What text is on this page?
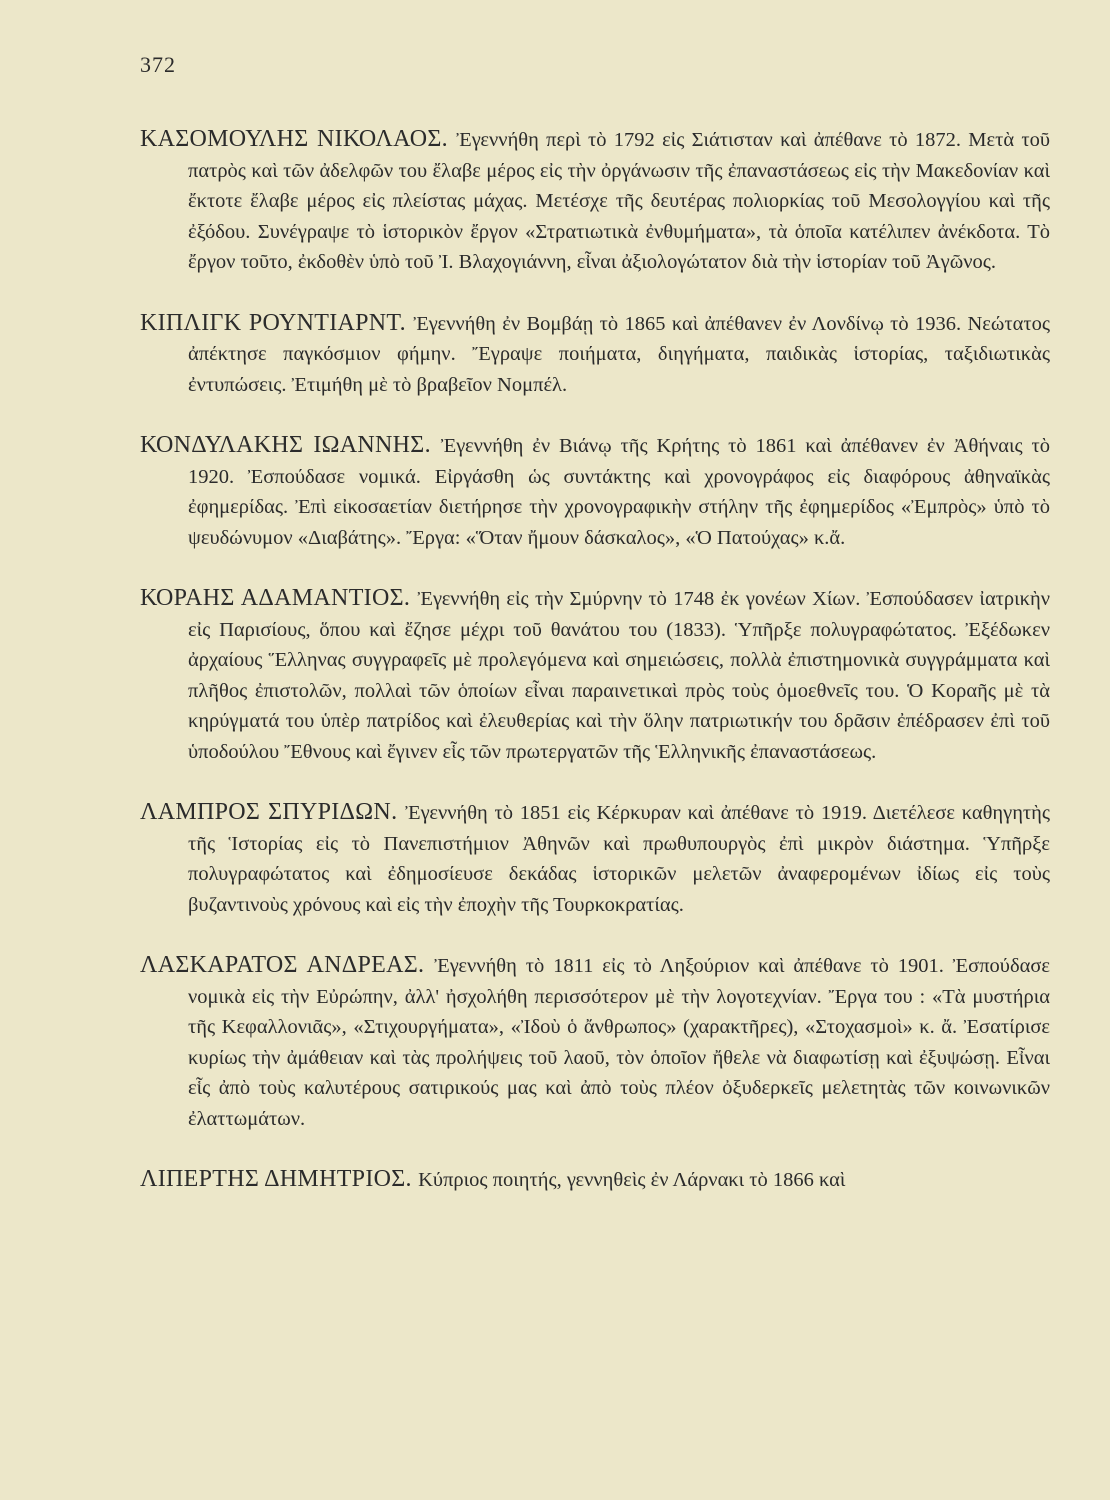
372

ΚΑΣΟΜΟΥΛΗΣ ΝΙΚΟΛΑΟΣ . Ἐγεννήθη περὶ τὸ 1792 εἰς Σιάτισταν καὶ ἀπέθανε τὸ 1872. Μετὰ τοῦ πατρὸς καὶ τῶν ἀδελφῶν του ἔλαβε μέρος εἰς τὴν ὀργάνωσιν τῆς ἐπαναστάσεως εἰς τὴν Μακεδονίαν καὶ ἔκτοτε ἔλαβε μέρος εἰς πλείστας μάχας. Μετέσχε τῆς δευτέρας πολιορκίας τοῦ Μεσολογγίου καὶ τῆς ἐξόδου. Συνέγραψε τὸ ἱστορικὸν ἔργον «Στρατιωτικὰ ἐνθυμήματα», τὰ ὁποῖα κατέλιπεν ἀνέκδοτα. Τὸ ἔργον τοῦτο, ἐκδοθὲν ὑπὸ τοῦ Ἰ. Βλαχογιάννη, εἶναι ἀξιολογώτατον διὰ τὴν ἱστορίαν τοῦ Ἀγῶνος.

ΚΙΠΛΙΓΚ ΡΟΥΝΤΙΑΡΝΤ . Ἐγεννήθη ἐν Βομβάῃ τὸ 1865 καὶ ἀπέθανεν ἐν Λονδίνῳ τὸ 1936. Νεώτατος ἀπέκτησε παγκόσμιον φήμην. Ἔγραψε ποιήματα, διηγήματα, παιδικὰς ἱστορίας, ταξιδιωτικὰς ἐντυπώσεις. Ἐτιμήθη μὲ τὸ βραβεῖον Νομπέλ.

ΚΟΝΔΥΛΑΚΗΣ ΙΩΑΝΝΗΣ . Ἐγεννήθη ἐν Βιάνῳ τῆς Κρήτης τὸ 1861 καὶ ἀπέθανεν ἐν Ἀθήναις τὸ 1920. Ἐσπούδασε νομικά. Εἰργάσθη ὡς συντάκτης καὶ χρονογράφος εἰς διαφόρους ἀθηναϊκὰς ἐφημερίδας. Ἐπὶ εἰκοσαετίαν διετήρησε τὴν χρονογραφικὴν στήλην τῆς ἐφημερίδος «Ἐμπρὸς» ὑπὸ τὸ ψευδώνυμον «Διαβάτης». Ἔργα: «Ὅταν ἤμουν δάσκαλος», «Ὁ Πατούχας» κ.ἄ.

ΚΟΡΑΗΣ ΑΔΑΜΑΝΤΙΟΣ . Ἐγεννήθη εἰς τὴν Σμύρνην τὸ 1748 ἐκ γονέων Χίων. Ἐσπούδασεν ἰατρικὴν εἰς Παρισίους, ὅπου καὶ ἔζησε μέχρι τοῦ θανάτου του (1833). Ὑπῆρξε πολυγραφώτατος. Ἐξέδωκεν ἀρχαίους Ἕλληνας συγγραφεῖς μὲ προλεγόμενα καὶ σημειώσεις, πολλὰ ἐπιστημονικὰ συγγράμματα καὶ πλῆθος ἐπιστολῶν, πολλαὶ τῶν ὁποίων εἶναι παραινετικαὶ πρὸς τοὺς ὁμοεθνεῖς του. Ὁ Κοραῆς μὲ τὰ κηρύγματά του ὑπὲρ πατρίδος καὶ ἐλευθερίας καὶ τὴν ὅλην πατριωτικήν του δρᾶσιν ἐπέδρασεν ἐπὶ τοῦ ὑποδούλου Ἔθνους καὶ ἔγινεν εἷς τῶν πρωτεργατῶν τῆς Ἑλληνικῆς ἐπαναστάσεως.

ΛΑΜΠΡΟΣ ΣΠΥΡΙΔΩΝ . Ἐγεννήθη τὸ 1851 εἰς Κέρκυραν καὶ ἀπέθανε τὸ 1919. Διετέλεσε καθηγητὴς τῆς Ἱστορίας εἰς τὸ Πανεπιστήμιον Ἀθηνῶν καὶ πρωθυπουργὸς ἐπὶ μικρὸν διάστημα. Ὑπῆρξε πολυγραφώτατος καὶ ἐδημοσίευσε δεκάδας ἱστορικῶν μελετῶν ἀναφερομένων ἰδίως εἰς τοὺς βυζαντινοὺς χρόνους καὶ εἰς τὴν ἐποχὴν τῆς Τουρκοκρατίας.

ΛΑΣΚΑΡΑΤΟΣ ΑΝΔΡΕΑΣ . Ἐγεννήθη τὸ 1811 εἰς τὸ Ληξούριον καὶ ἀπέθανε τὸ 1901. Ἐσπούδασε νομικὰ εἰς τὴν Εὐρώπην, ἀλλ' ἠσχολήθη περισσότερον μὲ τὴν λογοτεχνίαν. Ἔργα του : «Τὰ μυστήρια τῆς Κεφαλλονιᾶς», «Στιχουργήματα», «Ἰδοὺ ὁ ἄνθρωπος» (χαρακτῆρες), «Στοχασμοὶ» κ. ἄ. Ἐσατίρισε κυρίως τὴν ἀμάθειαν καὶ τὰς προλήψεις τοῦ λαοῦ, τὸν ὁποῖον ἤθελε νὰ διαφωτίσῃ καὶ ἐξυψώσῃ. Εἶναι εἷς ἀπὸ τοὺς καλυτέρους σατιρικούς μας καὶ ἀπὸ τοὺς πλέον ὀξυδερκεῖς μελετητὰς τῶν κοινωνικῶν ἐλαττωμάτων.

ΛΙΠΕΡΤΗΣ ΔΗΜΗΤΡΙΟΣ . Κύπριος ποιητής, γεννηθεὶς ἐν Λάρνακι τὸ 1866 καὶ
